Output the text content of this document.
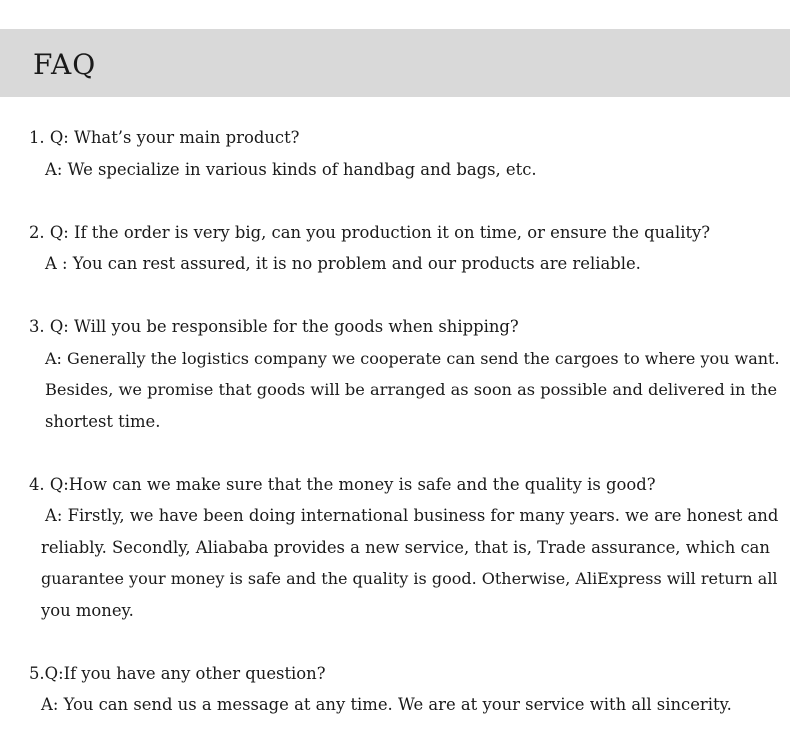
FAQ
1. Q: What’s your main product?
A: We specialize in various kinds of handbag and bags, etc.
2. Q: If the order is very big, can you production it on time, or ensure the quality?
A : You can rest assured, it is no problem and our products are reliable.
3. Q: Will you be responsible for the goods when shipping?
A: Generally the logistics company we cooperate can send the cargoes to where you want.
Besides, we promise that goods will be arranged as soon as possible and delivered in the
shortest time.
4. Q:How can we make sure that the money is safe and the quality is good?
A: Firstly, we have been doing international business for many years. we are honest and
reliably. Secondly, Aliababa provides a new service, that is, Trade assurance, which can
guarantee your money is safe and the quality is good. Otherwise, AliExpress will return all
you money.
5.Q:If you have any other question?
A: You can send us a message at any time. We are at your service with all sincerity.
